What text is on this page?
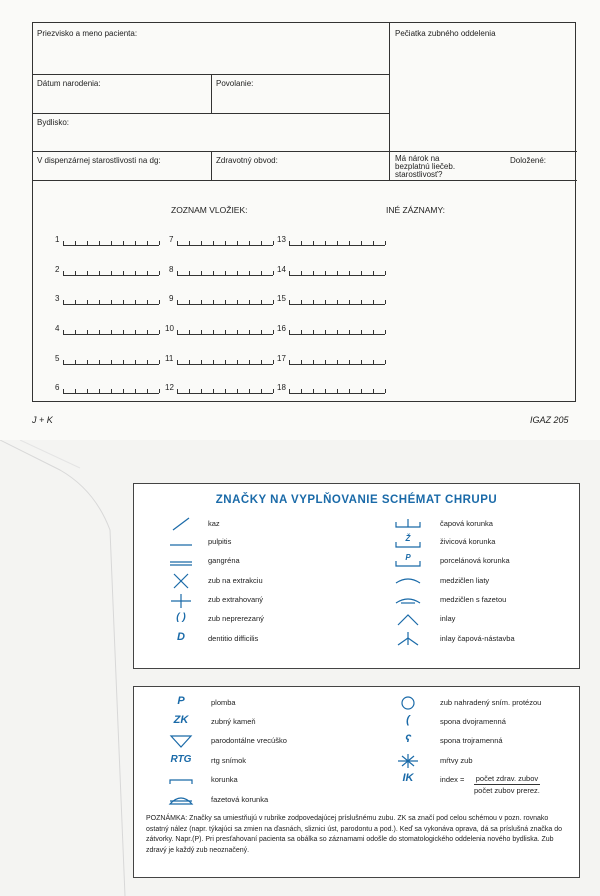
Priezvisko a meno pacienta:	Pečiatka zubného oddelenia
Dátum narodenia:	Povolanie:
Bydlisko:
V dispenzárnej starostlivosti na dg:	Zdravotný obvod:	Má nárok na
bezplatnú liečeb.
starostlivosť?
Doložené:
ZOZNAM VLOŽIEK:	INÉ ZÁZNAMY:
1
2
3
4
5
6
7
8
9
10
11
12
13
14
15
16
17
18
J + K	IGAZ 205
ZNAČKY NA VYPLŇOVANIE SCHÉMAT CHRUPU
kaz
pulpitis
gangréna
zub na extrakciu
zub extrahovaný
( )	zub neprerezaný
D	dentitio difficilis
čapová korunka
Ž	živicová korunka
P	porcelánová korunka
medzičlen liaty
medzičlen s fazetou
inlay
inlay čapová-nástavba
P	plomba
ZK	zubný kameň
parodontálne vrecúško
RTG	rtg snímok
korunka
fazetová korunka
zub nahradený sním. protézou
(	spona dvojramenná
ʕ	spona trojramenná
mŕtvy zub
IK	index = počet zdrav. zubov
počet zubov prerez.
POZNÁMKA: Značky sa umiestňujú v rubrike zodpovedajúcej príslušnému zubu. ZK sa značí pod celou schémou v pozn. rovnako ostatný nález (napr. týkajúci sa zmien na ďasnách, sliznici úst, parodontu a pod.). Keď sa vykonáva oprava, dá sa príslušná značka do zátvorky. Napr.(P). Pri presťahovaní pacienta sa obálka so záznamami odošle do stomatologického oddelenia nového bydliska. Zub zdravý je každý zub neoznačený.
